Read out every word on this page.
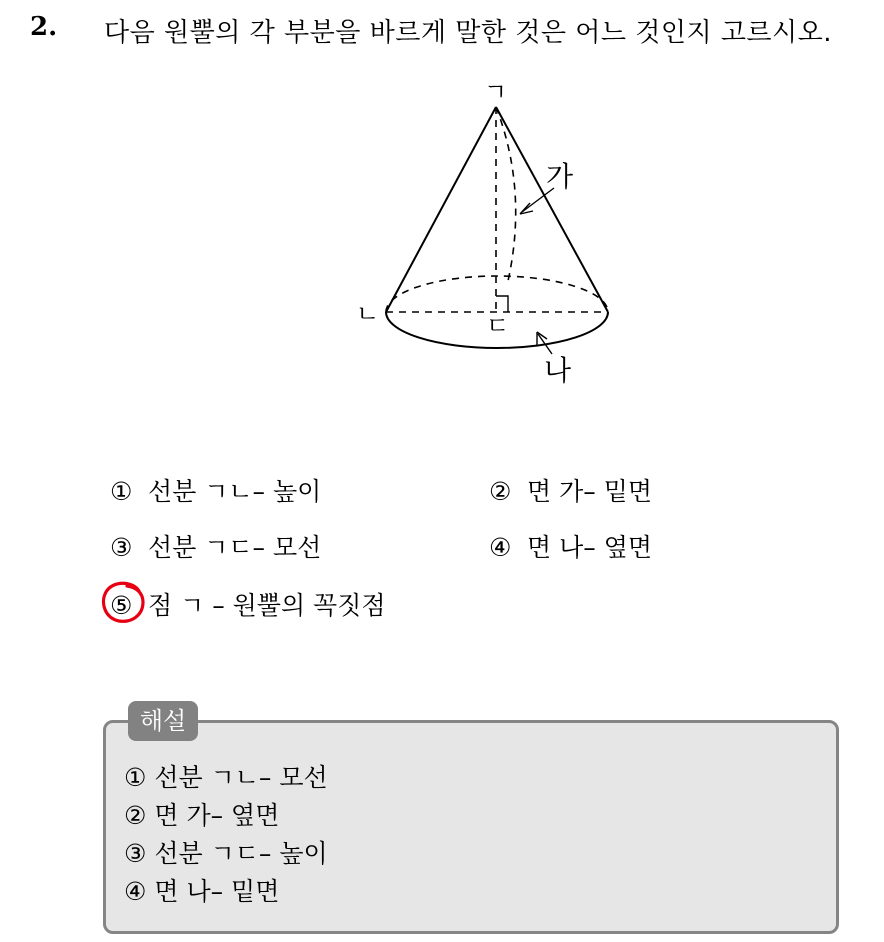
2. 다음 원뿔의 각 부분을 바르게 말한 것은 어느 것인지 고르시오.
ㄱ
ㄴ	ㄷ
가
나
① 선분 ㄱㄴ– 높이	② 면 가– 밑면
③ 선분 ㄱㄷ– 모선	④ 면 나– 옆면
⑤ 점 ㄱ – 원뿔의 꼭짓점
해설
① 선분 ㄱㄴ– 모선
② 면 가– 옆면
③ 선분 ㄱㄷ– 높이
④ 면 나– 밑면
